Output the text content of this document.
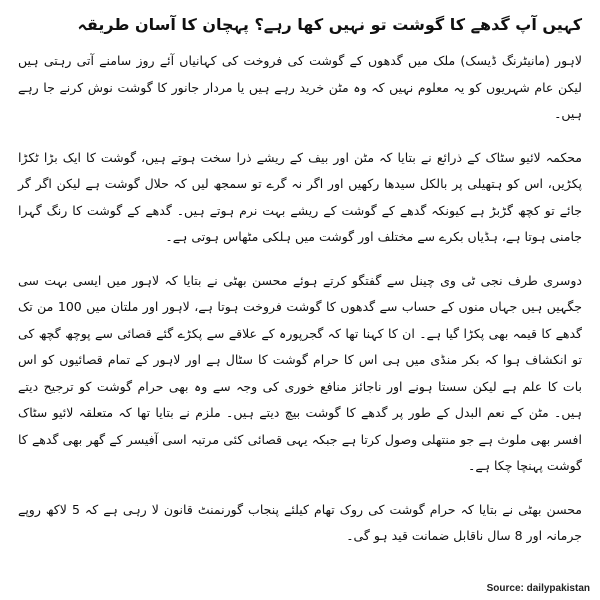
کہیں آپ گدھے کا گوشت تو نہیں کھا رہے؟ پہچان کا آسان طریقہ

لاہور (مانیٹرنگ ڈیسک) ملک میں گدھوں کے گوشت کی فروخت کی کہانیاں آئے روز سامنے آتی رہتی ہیں لیکن عام شہریوں کو یہ معلوم نہیں کہ وہ مٹن خرید رہے ہیں یا مردار جانور کا گوشت نوش کرنے جا رہے ہیں۔

محکمہ لائیو سٹاک کے ذرائع نے بتایا کہ مٹن اور بیف کے ریشے ذرا سخت ہوتے ہیں، گوشت کا ایک بڑا ٹکڑا پکڑیں، اس کو ہتھیلی پر بالکل سیدھا رکھیں اور اگر نہ گرے تو سمجھ لیں کہ حلال گوشت ہے لیکن اگر گر جائے تو کچھ گڑبڑ ہے کیونکہ گدھے کے گوشت کے ریشے بہت نرم ہوتے ہیں۔ گدھے کے گوشت کا رنگ گہرا جامنی ہوتا ہے، ہڈیاں بکرے سے مختلف اور گوشت میں ہلکی مٹھاس ہوتی ہے۔

دوسری طرف نجی ٹی وی چینل سے گفتگو کرتے ہوئے محسن بھٹی نے بتایا کہ لاہور میں ایسی بہت سی جگہیں ہیں جہاں منوں کے حساب سے گدھوں کا گوشت فروخت ہوتا ہے، لاہور اور ملتان میں 100 من تک گدھے کا قیمہ بھی پکڑا گیا ہے۔ ان کا کہنا تھا کہ گجرپورہ کے علاقے سے پکڑے گئے قصائی سے پوچھ گچھ کی تو انکشاف ہوا کہ بکر منڈی میں ہی اس کا حرام گوشت کا سٹال ہے اور لاہور کے تمام قصائیوں کو اس بات کا علم ہے لیکن سستا ہونے اور ناجائز منافع خوری کی وجہ سے وہ بھی حرام گوشت کو ترجیح دیتے ہیں۔ مٹن کے نعم البدل کے طور پر گدھے کا گوشت بیچ دیتے ہیں۔ ملزم نے بتایا تھا کہ متعلقہ لائیو سٹاک افسر بھی ملوث ہے جو منتھلی وصول کرتا ہے جبکہ یہی قصائی کئی مرتبہ اسی آفیسر کے گھر بھی گدھے کا گوشت پہنچا چکا ہے۔

محسن بھٹی نے بتایا کہ حرام گوشت کی روک تھام کیلئے پنجاب گورنمنٹ قانون لا رہی ہے کہ 5 لاکھ روپے جرمانہ اور 8 سال ناقابل ضمانت قید ہو گی۔

Source: dailypakistan
